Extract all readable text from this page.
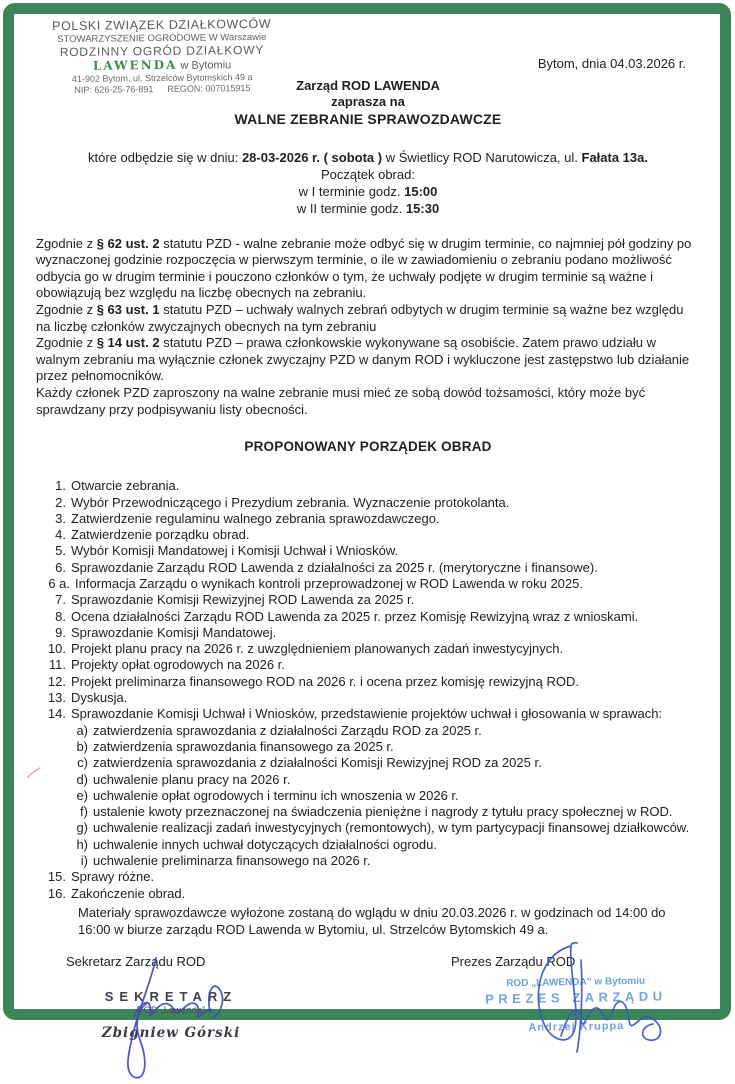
POLSKI ZWIĄZEK DZIAŁKOWCÓW
STOWARZYSZENIE OGRODOWE W Warszawie
RODZINNY OGRÓD DZIAŁKOWY
LAWENDA w Bytomiu
41-902 Bytom, ul. Strzelców Bytomskich 49 a
NIP: 626-25-76-891 REGON: 007015915
Bytom, dnia 04.03.2026 r.
Zarząd ROD LAWENDA
zaprasza na
WALNE ZEBRANIE SPRAWOZDAWCZE
które odbędzie się w dniu: 28-03-2026 r. ( sobota ) w Świetlicy ROD Narutowicza, ul. Fałata 13a.
Początek obrad:
w I terminie godz. 15:00
w II terminie godz. 15:30

Zgodnie z § 62 ust. 2 statutu PZD - walne zebranie może odbyć się w drugim terminie, co najmniej pół godziny po wyznaczonej godzinie rozpoczęcia w pierwszym terminie, o ile w zawiadomieniu o zebraniu podano możliwość odbycia go w drugim terminie i pouczono członków o tym, że uchwały podjęte w drugim terminie są ważne i obowiązują bez względu na liczbę obecnych na zebraniu.

Zgodnie z § 63 ust. 1 statutu PZD – uchwały walnych zebrań odbytych w drugim terminie są ważne bez względu na liczbę członków zwyczajnych obecnych na tym zebraniu

Zgodnie z § 14 ust. 2 statutu PZD – prawa członkowskie wykonywane są osobiście. Zatem prawo udziału w walnym zebraniu ma wyłącznie członek zwyczajny PZD w danym ROD i wykluczone jest zastępstwo lub działanie przez pełnomocników.

Każdy członek PZD zaproszony na walne zebranie musi mieć ze sobą dowód tożsamości, który może być sprawdzany przy podpisywaniu listy obecności.

PROPONOWANY PORZĄDEK OBRAD
1. Otwarcie zebrania.
2. Wybór Przewodniczącego i Prezydium zebrania. Wyznaczenie protokolanta.
3. Zatwierdzenie regulaminu walnego zebrania sprawozdawczego.
4. Zatwierdzenie porządku obrad.
5. Wybór Komisji Mandatowej i Komisji Uchwał i Wniosków.
6. Sprawozdanie Zarządu ROD Lawenda z działalności za 2025 r. (merytoryczne i finansowe).
6 a. Informacja Zarządu o wynikach kontroli przeprowadzonej w ROD Lawenda w roku 2025.
7. Sprawozdanie Komisji Rewizyjnej ROD Lawenda za 2025 r.
8. Ocena działalności Zarządu ROD Lawenda za 2025 r. przez Komisję Rewizyjną wraz z wnioskami.
9. Sprawozdanie Komisji Mandatowej.
10. Projekt planu pracy na 2026 r. z uwzględnieniem planowanych zadań inwestycyjnych.
11. Projekty opłat ogrodowych na 2026 r.
12. Projekt preliminarza finansowego ROD na 2026 r. i ocena przez komisję rewizyjną ROD.
13. Dyskusja.
14. Sprawozdanie Komisji Uchwał i Wniosków, przedstawienie projektów uchwał i głosowania w sprawach:
a) zatwierdzenia sprawozdania z działalności Zarządu ROD za 2025 r.
b) zatwierdzenia sprawozdania finansowego za 2025 r.
c) zatwierdzenia sprawozdania z działalności Komisji Rewizyjnej ROD za 2025 r.
d) uchwalenie planu pracy na 2026 r.
e) uchwalenie opłat ogrodowych i terminu ich wnoszenia w 2026 r.
f) ustalenie kwoty przeznaczonej na świadczenia pieniężne i nagrody z tytułu pracy społecznej w ROD.
g) uchwalenie realizacji zadań inwestycyjnych (remontowych), w tym partycypacji finansowej działkowców.
h) uchwalenie innych uchwał dotyczących działalności ogrodu.
i) uchwalenie preliminarza finansowego na 2026 r.
15. Sprawy różne.
16. Zakończenie obrad.
Materiały sprawozdawcze wyłożone zostaną do wglądu w dniu 20.03.2026 r. w godzinach od 14:00 do 16:00 w biurze zarządu ROD Lawenda w Bytomiu, ul. Strzelców Bytomskich 49 a.
Sekretarz Zarządu ROD
SEKRETARZ
ROD „Lawenda”
Zbigniew Górski
Prezes Zarządu ROD
ROD „LAWENDA” w Bytomiu
PREZES ZARZĄDU
Andrzej Kruppa
